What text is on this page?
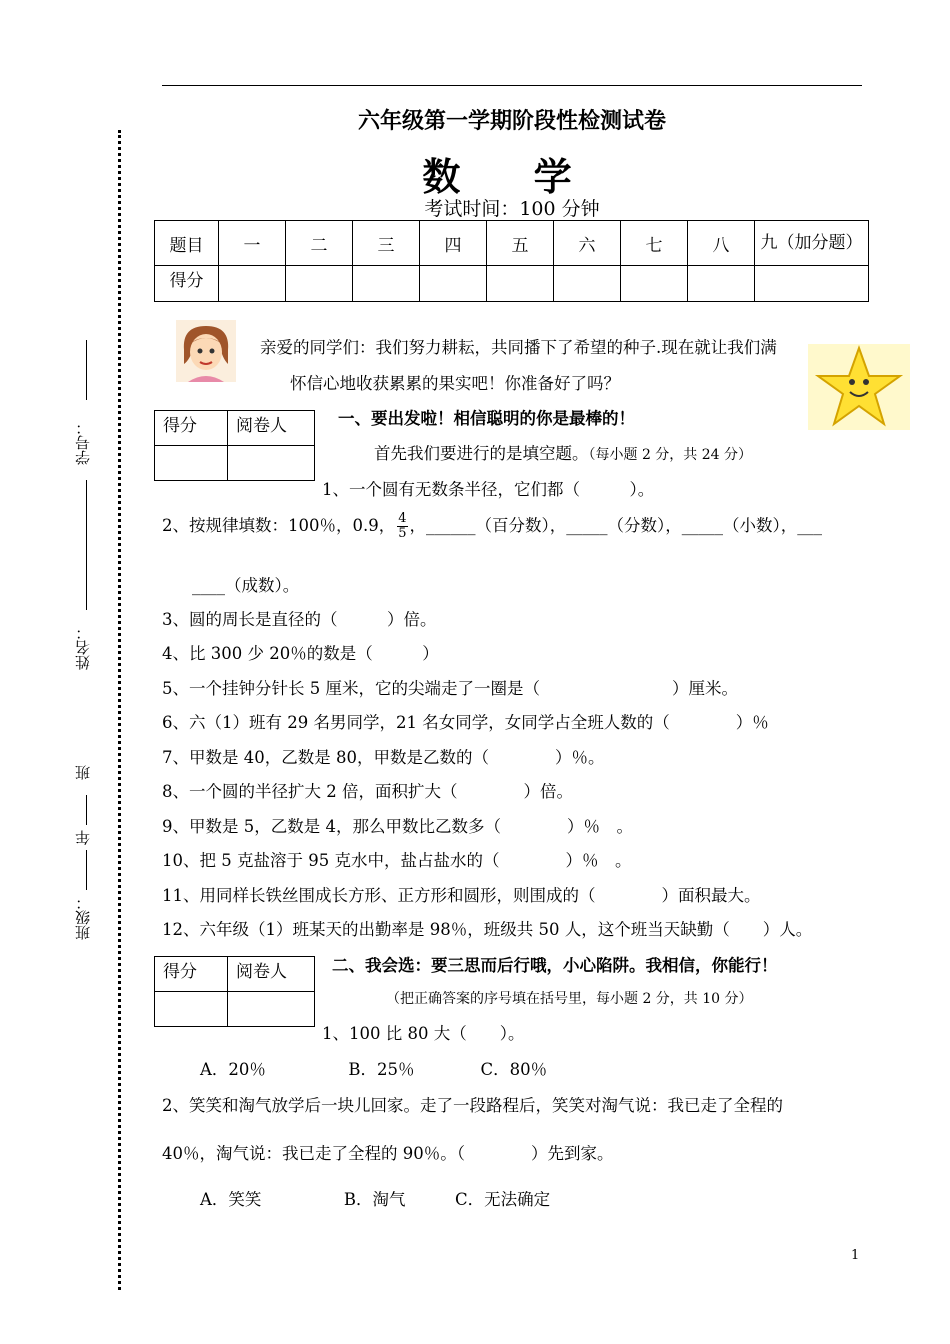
学号：
姓名：
班
年
班级：
六年级第一学期阶段性检测试卷
数 学
考试时间：100 分钟
题目	一	二	三	四	五	六	七	八	九（加分题）
得分									
亲爱的同学们：我们努力耕耘，共同播下了希望的种子.现在就让我们满
怀信心地收获累累的果实吧！你准备好了吗？
得分	阅卷人
		一、要出发啦！相信聪明的你是最棒的！
首先我们要进行的是填空题。（每小题 2 分，共 24 分）
1、一个圆有无数条半径，它们都（　　　）。
2、按规律填数：100％，0.9， $\frac{4}{5}$ ，______（百分数），_____（分数），_____（小数），___
____（成数）。
3、圆的周长是直径的（　　　）倍。
4、比 300 少 20％的数是（　　　）
5、一个挂钟分针长 5 厘米，它的尖端走了一圈是（　　　　　　　　）厘米。
6、六（1）班有 29 名男同学，21 名女同学，女同学占全班人数的（　　　　）％
7、甲数是 40，乙数是 80，甲数是乙数的（　　　　）％。
8、一个圆的半径扩大 2 倍，面积扩大（　　　　）倍。
9、甲数是 5，乙数是 4，那么甲数比乙数多（　　　　）％　。
10、把 5 克盐溶于 95 克水中，盐占盐水的（　　　　）％　。
11、用同样长铁丝围成长方形、正方形和圆形，则围成的（　　　　）面积最大。
12、六年级（1）班某天的出勤率是 98％，班级共 50 人，这个班当天缺勤（　　）人。
得分	阅卷人
		二、我会选：要三思而后行哦，小心陷阱。我相信，你能行！
（把正确答案的序号填在括号里，每小题 2 分，共 10 分）
1、100 比 80 大（　　）。
A．20％　　　　　B．25％　　　　C．80％
2、笑笑和淘气放学后一块儿回家。走了一段路程后，笑笑对淘气说：我已走了全程的
40％，淘气说：我已走了全程的 90％。（　　　　）先到家。
A．笑笑　　　　　B．淘气　　　C．无法确定
1
